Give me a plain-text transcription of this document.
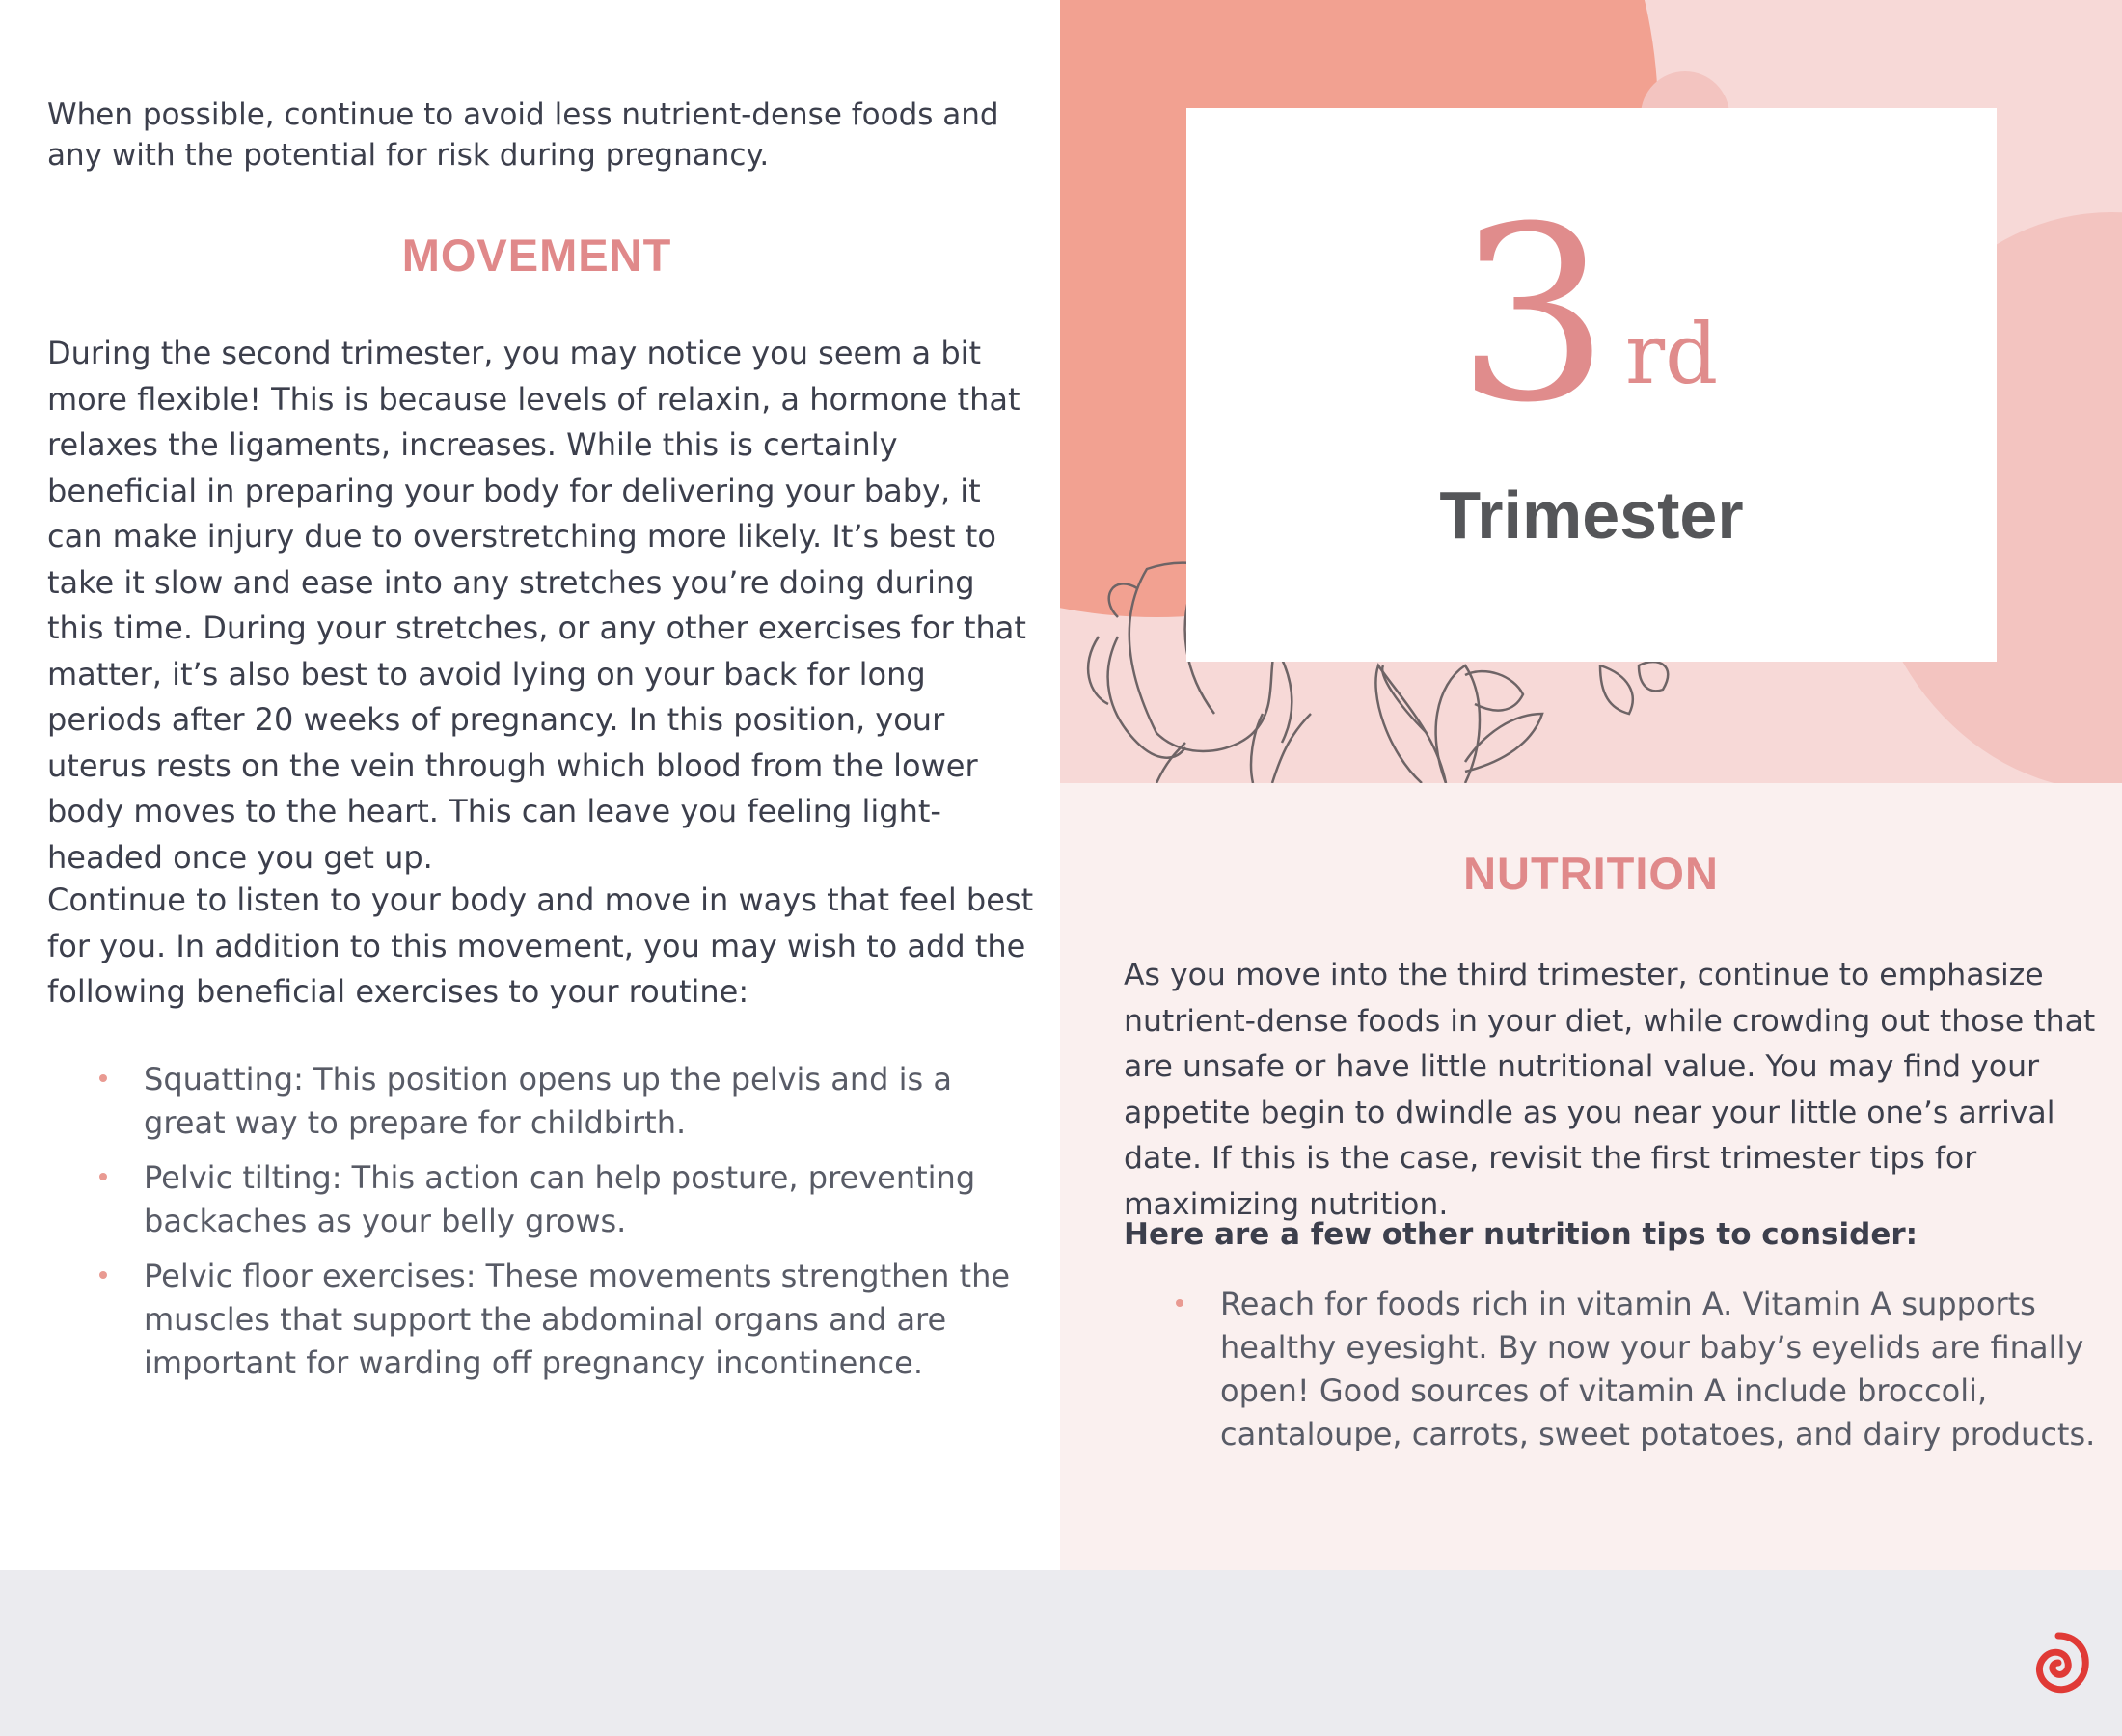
3 rd
Trimester
NUTRITION

As you move into the third trimester, continue to emphasize nutrient-dense foods in your diet, while crowding out those that are unsafe or have little nutritional value. You may find your appetite begin to dwindle as you near your little one’s arrival date. If this is the case, revisit the first trimester tips for maximizing nutrition.

Here are a few other nutrition tips to consider:
Reach for foods rich in vitamin A. Vitamin A supports healthy eyesight. By now your baby’s eyelids are finally open! Good sources of vitamin A include broccoli, cantaloupe, carrots, sweet potatoes, and dairy products.

When possible, continue to avoid less nutrient-dense foods and any with the potential for risk during pregnancy.

MOVEMENT

During the second trimester, you may notice you seem a bit more flexible! This is because levels of relaxin, a hormone that relaxes the ligaments, increases. While this is certainly beneficial in preparing your body for delivering your baby, it can make injury due to overstretching more likely. It’s best to take it slow and ease into any stretches you’re doing during this time. During your stretches, or any other exercises for that matter, it’s also best to avoid lying on your back for long periods after 20 weeks of pregnancy. In this position, your uterus rests on the vein through which blood from the lower body moves to the heart. This can leave you feeling light-headed once you get up.

Continue to listen to your body and move in ways that feel best for you. In addition to this movement, you may wish to add the following beneficial exercises to your routine:

Squatting: This position opens up the pelvis and is a great way to prepare for childbirth.
Pelvic tilting: This action can help posture, preventing backaches as your belly grows.
Pelvic floor exercises: These movements strengthen the muscles that support the abdominal organs and are important for warding off pregnancy incontinence.
